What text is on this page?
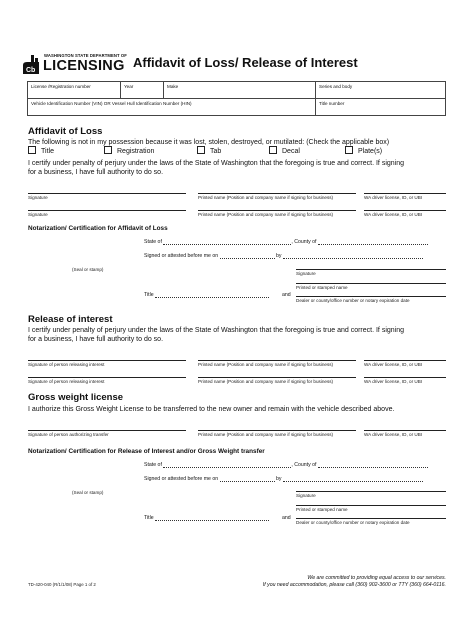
Cb
WASHINGTON STATE DEPARTMENT OF
LICENSING Affidavit of Loss/ Release of Interest
License /Registration number	Year	Make	Series and body
Vehicle Identification Number (VIN) OR Vessel Hull Identification Number (HIN)			Title number
Affidavit of Loss
The following is not in my possession because it was lost, stolen, destroyed, or mutilated: (Check the applicable box)
Title	Registration	Tab	Decal	Plate(s)
I certify under penalty of perjury under the laws of the State of Washington that the foregoing is true and correct. If signing
for a business, I have full authority to do so.
Signature	Printed name (Position and company name if signing for business)	WA driver license, ID, or UBI
Signature	Printed name (Position and company name if signing for business)	WA driver license, ID, or UBI
Notarization/ Certification for Affidavit of Loss
State of	, County of
Signed or attested before me on	by
(Seal or stamp)
Signature
Printed or stamped name
Title	and
Dealer or county/office number or notary expiration date
Release of interest
I certify under penalty of perjury under the laws of the State of Washington that the foregoing is true and correct. If signing
for a business, I have full authority to do so.
Signature of person releasing interest	Printed name (Position and company name if signing for business)	WA driver license, ID, or UBI
Signature of person releasing interest	Printed name (Position and company name if signing for business)	WA driver license, ID, or UBI
Gross weight license
I authorize this Gross Weight License to be transferred to the new owner and remain with the vehicle described above.
Signature of person authorizing transfer	Printed name (Position and company name if signing for business)	WA driver license, ID, or UBI
Notarization/ Certification for Release of Interest and/or Gross Weight transfer
State of	, County of
Signed or attested before me on	by
(Seal or stamp)
Signature
Printed or stamped name
Title	and
Dealer or county/office number or notary expiration date
TD-420-040 (R/1/1/08) Page 1 of 2
We are committed to providing equal access to our services.
If you need accommodation, please call (360) 902-3600 or TTY (360) 664-0116.
